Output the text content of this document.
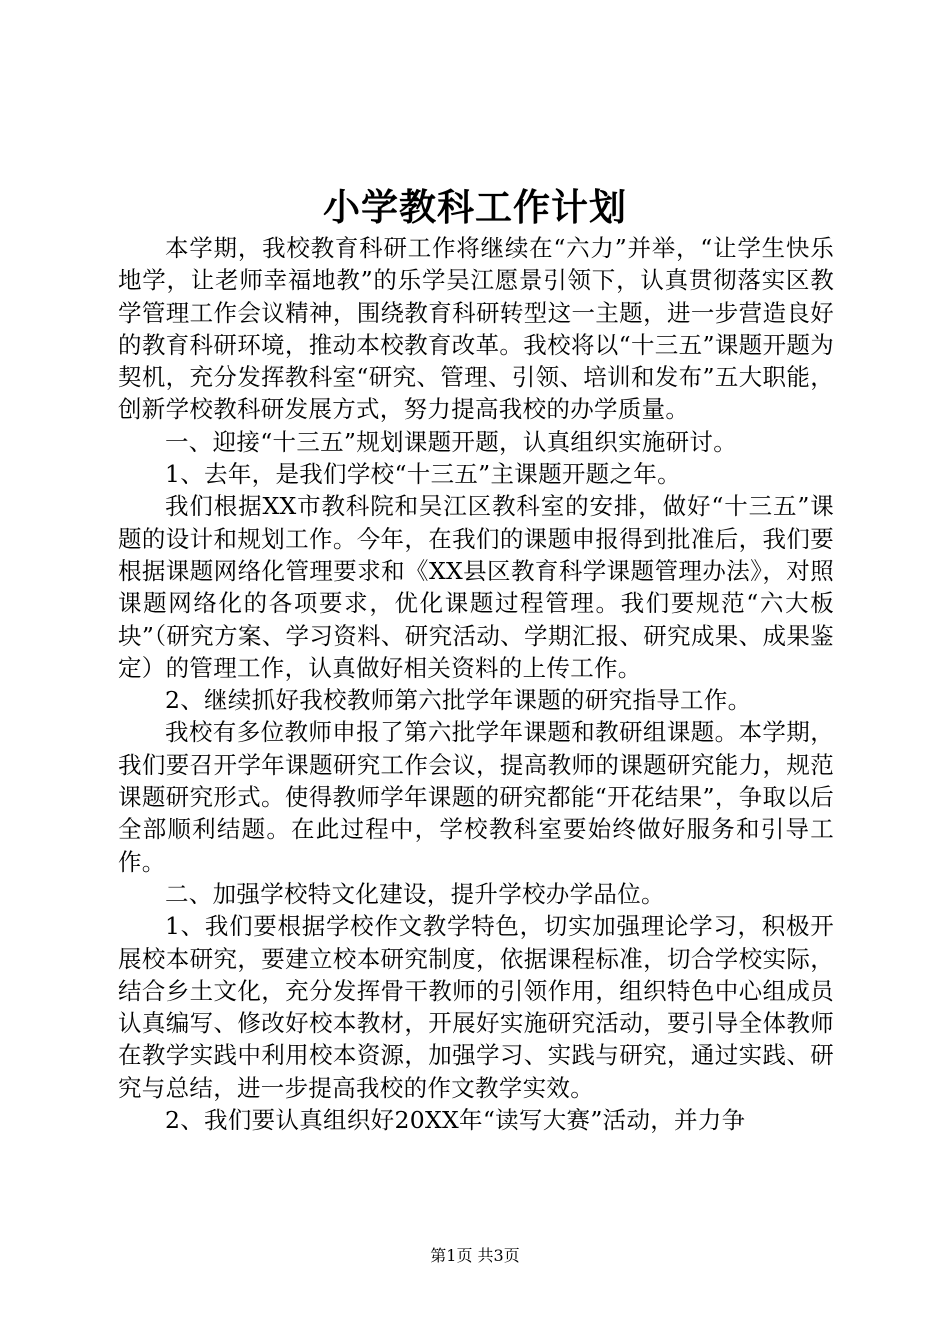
小学教科工作计划

本学期，我校教育科研工作将继续在“六力”并举，“让学生快乐地学，让老师幸福地教”的乐学吴江愿景引领下，认真贯彻落实区教学管理工作会议精神，围绕教育科研转型这一主题，进一步营造良好的教育科研环境，推动本校教育改革。我校将以“十三五”课题开题为契机，充分发挥教科室“研究、管理、引领、培训和发布”五大职能，创新学校教科研发展方式，努力提高我校的办学质量。

一、迎接“十三五”规划课题开题，认真组织实施研讨。

1、去年，是我们学校“十三五”主课题开题之年。

我们根据XX市教科院和吴江区教科室的安排，做好“十三五”课题的设计和规划工作。今年，在我们的课题申报得到批准后，我们要根据课题网络化管理要求和《XX县区教育科学课题管理办法》，对照课题网络化的各项要求，优化课题过程管理。我们要规范“六大板块”（研究方案、学习资料、研究活动、学期汇报、研究成果、成果鉴定）的管理工作，认真做好相关资料的上传工作。

2、继续抓好我校教师第六批学年课题的研究指导工作。

我校有多位教师申报了第六批学年课题和教研组课题。本学期，我们要召开学年课题研究工作会议，提高教师的课题研究能力，规范课题研究形式。使得教师学年课题的研究都能“开花结果”，争取以后全部顺利结题。在此过程中，学校教科室要始终做好服务和引导工作。

二、加强学校特文化建设，提升学校办学品位。

1、我们要根据学校作文教学特色，切实加强理论学习，积极开展校本研究，要建立校本研究制度，依据课程标准，切合学校实际，结合乡土文化，充分发挥骨干教师的引领作用，组织特色中心组成员认真编写、修改好校本教材，开展好实施研究活动，要引导全体教师在教学实践中利用校本资源，加强学习、实践与研究，通过实践、研究与总结，进一步提高我校的作文教学实效。

2、我们要认真组织好20XX年“读写大赛”活动，并力争

第1页 共3页
